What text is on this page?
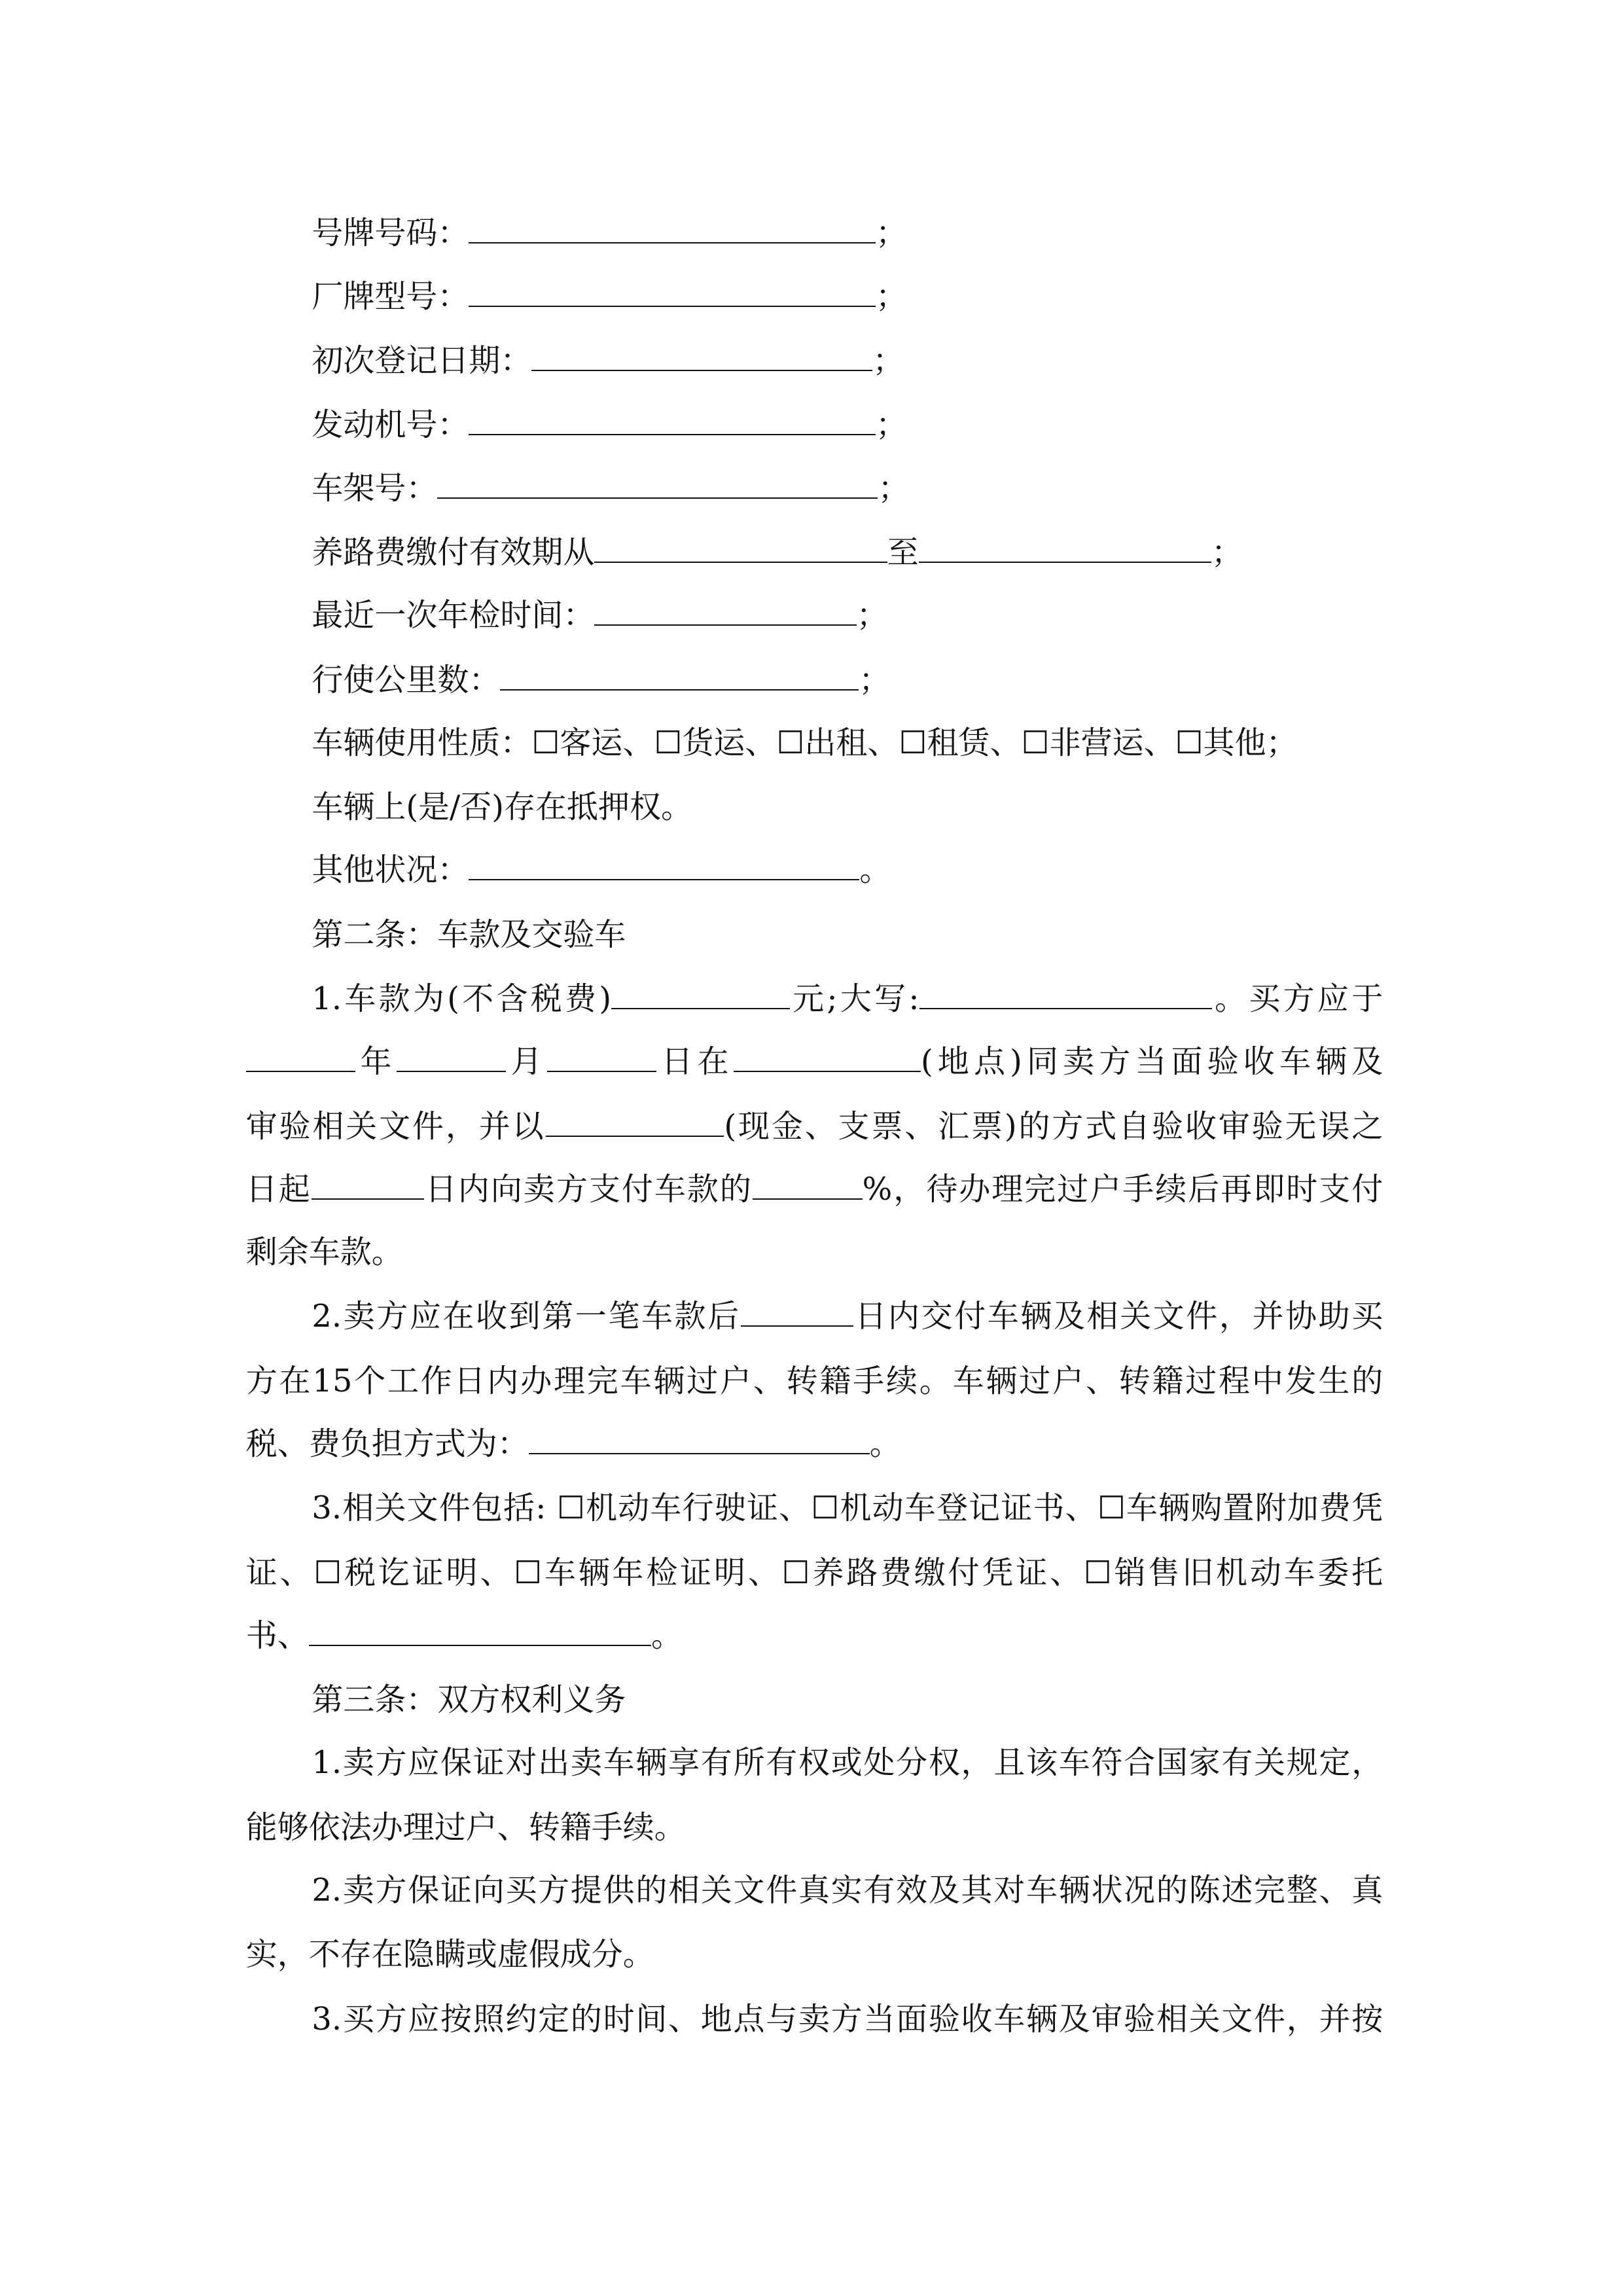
号牌号码：	；
厂牌型号：	；
初次登记日期：	；
发动机号：	；
车架号：	；
养路费缴付有效期从	至	；
最近一次年检时间：	；
行使公里数：	；
车辆使用性质：☐客运、☐货运、☐出租、☐租赁、☐非营运、☐其他；
车辆上(是/否)存在抵押权。
其他状况：	。
第二条：车款及交验车
1.车款为(不含税费)	元;大写:	。买方应于
年	月	日在	(地点)同卖方当面验收车辆及
审验相关文件，并以	(现金、支票、汇票)的方式自验收审验无误之
日起	日内向卖方支付车款的	%，待办理完过户手续后再即时支付
剩余车款。
2.卖方应在收到第一笔车款后	日内交付车辆及相关文件，并协助买
方在15个工作日内办理完车辆过户、转籍手续。车辆过户、转籍过程中发生的
税、费负担方式为：	。
3.相关文件包括: ☐机动车行驶证、☐机动车登记证书、☐车辆购置附加费凭
证、☐税讫证明、☐车辆年检证明、☐养路费缴付凭证、☐销售旧机动车委托
书、	。
第三条：双方权利义务
1.卖方应保证对出卖车辆享有所有权或处分权，且该车符合国家有关规定，
能够依法办理过户、转籍手续。
2.卖方保证向买方提供的相关文件真实有效及其对车辆状况的陈述完整、真
实，不存在隐瞒或虚假成分。
3.买方应按照约定的时间、地点与卖方当面验收车辆及审验相关文件，并按
